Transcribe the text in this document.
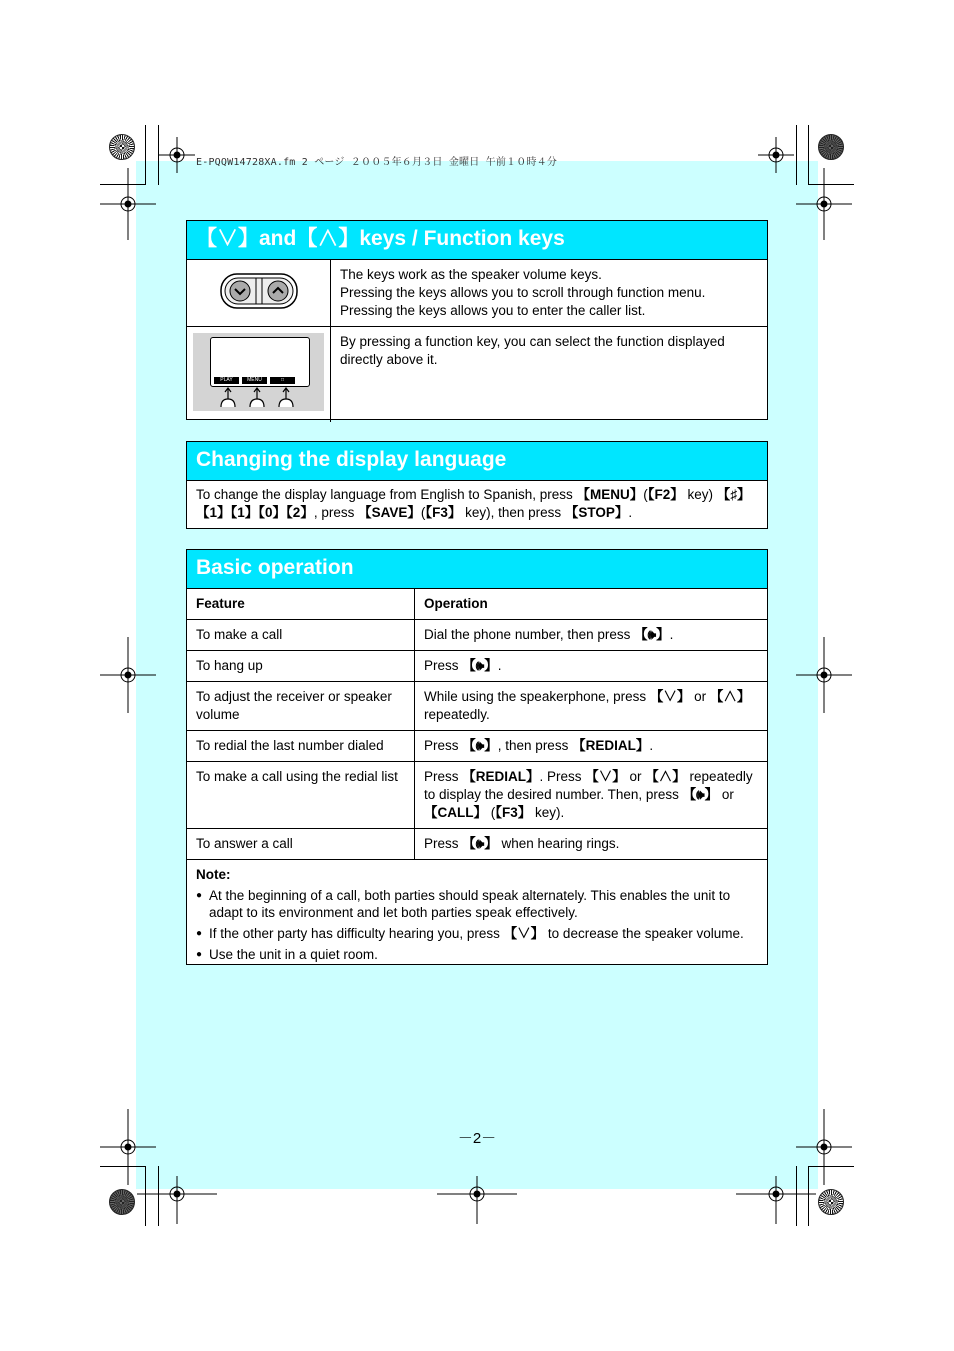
E-PQQW14728XA.fm 2 ページ ２００５年６月３日 金曜日 午前１０時４分
【∨】and【∧】keys / Function keys

The keys work as the speaker volume keys.
Pressing the keys allows you to scroll through function menu.
Pressing the keys allows you to enter the caller list.

PLAY MENU □	By pressing a function key, you can select the function displayed directly above it.
Changing the display language
To change the display language from English to Spanish, press 【MENU】(【F2】 key) 【♯】【1】【1】【0】【2】, press 【SAVE】(【F3】 key), then press 【STOP】.
Basic operation
Feature	Operation
To make a call	Dial the phone number, then press 【🕪】.
To hang up	Press 【🕪】.
To adjust the receiver or speaker volume	While using the speakerphone, press 【∨】 or 【∧】 repeatedly.
To redial the last number dialed	Press 【🕪】, then press 【REDIAL】.
To make a call using the redial list	Press 【REDIAL】. Press 【∨】 or 【∧】 repeatedly to display the desired number. Then, press 【🕪】 or 【CALL】 (【F3】 key).
To answer a call	Press 【🕪】 when hearing rings.
Note:
● At the beginning of a call, both parties should speak alternately. This enables the unit to adapt to its environment and let both parties speak effectively.
● If the other party has difficulty hearing you, press 【∨】 to decrease the speaker volume.
● Use the unit in a quiet room.
－2－
